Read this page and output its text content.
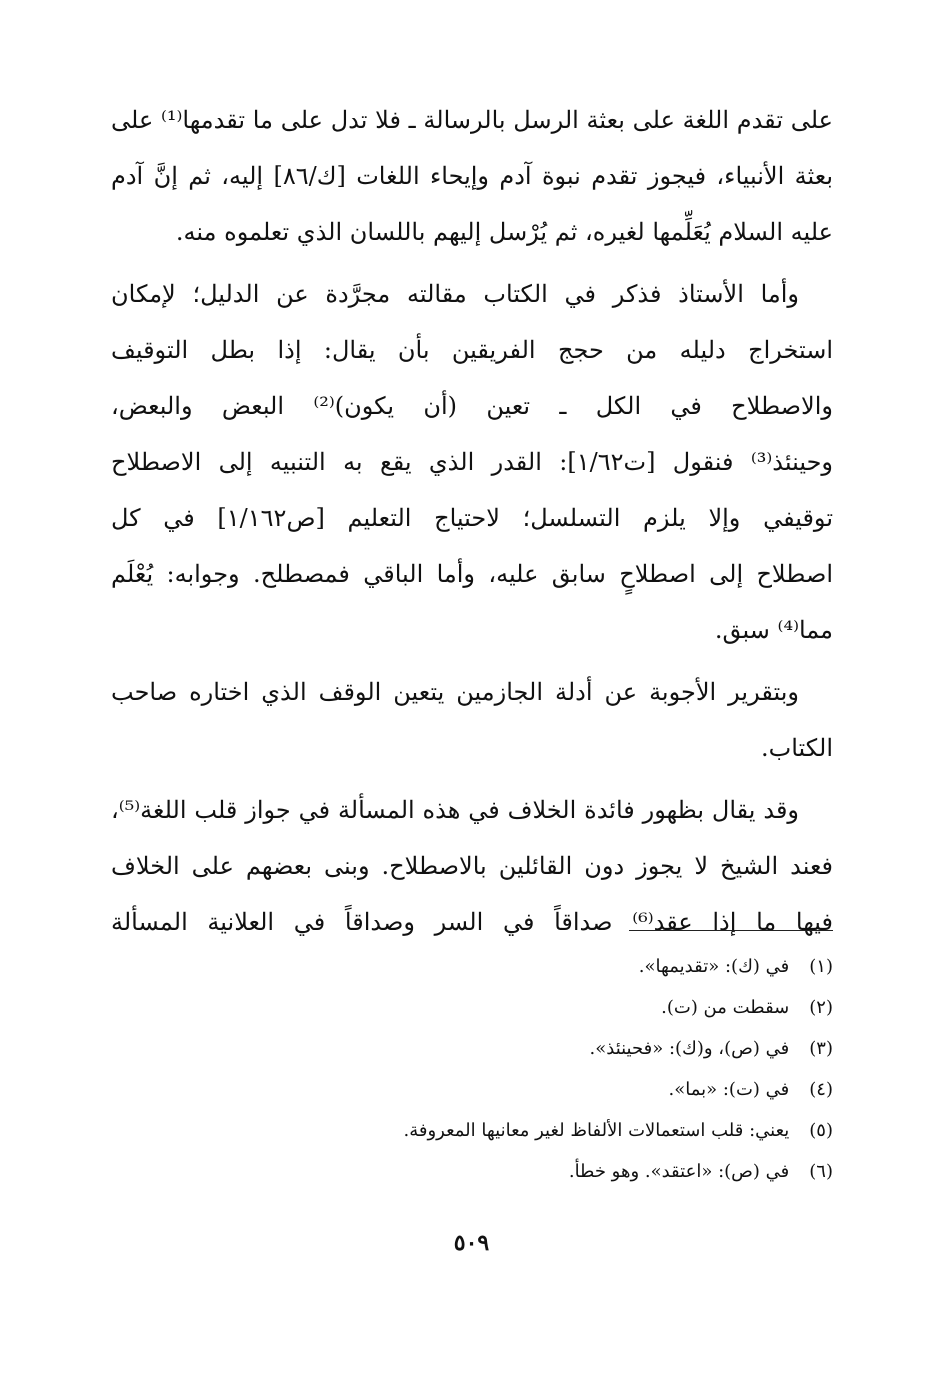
على تقدم اللغة على بعثة الرسل بالرسالة ـ فلا تدل على ما تقدمها⁽¹⁾ على
بعثة الأنبياء، فيجوز تقدم نبوة آدم وإيحاء اللغات [ك/٨٦] إليه، ثم إنَّ آدم
عليه السلام يُعَلِّمها لغيره، ثم يُرْسل إليهم باللسان الذي تعلموه منه.

وأما الأستاذ فذكر في الكتاب مقالته مجرَّدة عن الدليل؛ لإمكان
استخراج دليله من حجج الفريقين بأن يقال: إذا بطل التوقيف
والاصطلاح في الكل ـ تعين (أن يكون)⁽²⁾ البعض والبعض،
وحينئذ⁽³⁾ فنقول [ت١/٦٢]: القدر الذي يقع به التنبيه إلى الاصطلاح
توقيفي وإلا يلزم التسلسل؛ لاحتياج التعليم [ص١/١٦٢] في كل
اصطلاح إلى اصطلاحٍ سابق عليه، وأما الباقي فمصطلح. وجوابه: يُعْلَم
مما⁽⁴⁾ سبق.

وبتقرير الأجوبة عن أدلة الجازمين يتعين الوقف الذي اختاره صاحب
الكتاب.

وقد يقال بظهور فائدة الخلاف في هذه المسألة في جواز قلب اللغة⁽⁵⁾،
فعند الشيخ لا يجوز دون القائلين بالاصطلاح. وبنى بعضهم على الخلاف
فيها ما إذا عقد⁽⁶⁾ صداقاً في السر وصداقاً في العلانية المسألة

(١) في (ك): «تقديمها».
(٢) سقطت من (ت).
(٣) في (ص)، و(ك): «فحينئذ».
(٤) في (ت): «بما».
(٥) يعني: قلب استعمالات الألفاظ لغير معانيها المعروفة.
(٦) في (ص): «اعتقد». وهو خطأ.
٥٠٩
